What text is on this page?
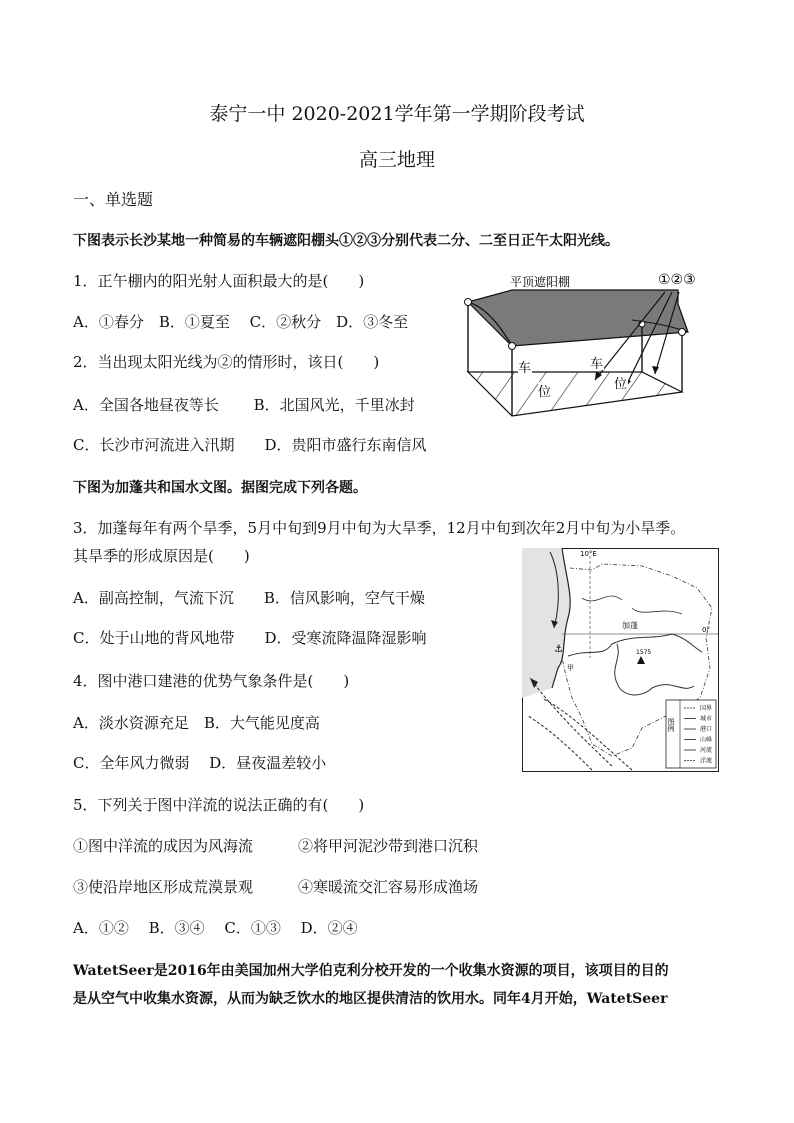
泰宁一中 2020-2021学年第一学期阶段考试
高三地理
一、单选题
下图表示长沙某地一种简易的车辆遮阳棚头①②③分别代表二分、二至日正午太阳光线。
1．正午棚内的阳光射人面积最大的是(　　)
A．①春分　B．①夏至　 C．②秋分　D．③冬至
2．当出现太阳光线为②的情形时，该日(　　)
A．全国各地昼夜等长　　 B．北国风光，千里冰封
C．长沙市河流进入汛期　　D．贵阳市盛行东南信风
平顶遮阳棚	①②③
车
位
车
位
下图为加蓬共和国水文图。据图完成下列各题。
3．加蓬每年有两个旱季，5月中旬到9月中旬为大旱季，12月中旬到次年2月中旬为小旱季。
其旱季的形成原因是(　　)
A．副高控制，气流下沉　　B．信风影响，空气干燥
C．处于山地的背风地带　　D．受寒流降温降湿影响
4．图中港口建港的优势气象条件是(　　)
A．淡水资源充足　B．大气能见度高
C．全年风力微弱　 D．昼夜温差较小
5．下列关于图中洋流的说法正确的有(　　)
①图中洋流的成因为风海流　　　②将甲河泥沙带到港口沉积
③使沿岸地区形成荒漠景观　　　④寒暖流交汇容易形成渔场
A．①②　 B．③④　 C．①③　 D．②④
10°E
0°
加蓬
1575
⚓
甲
图例
国界
城市
港口
山峰
河流
洋流
WatetSeer是2016年由美国加州大学伯克利分校开发的一个收集水资源的项目，该项目的目的
是从空气中收集水资源，从而为缺乏饮水的地区提供清洁的饮用水。同年4月开始，WatetSeer
